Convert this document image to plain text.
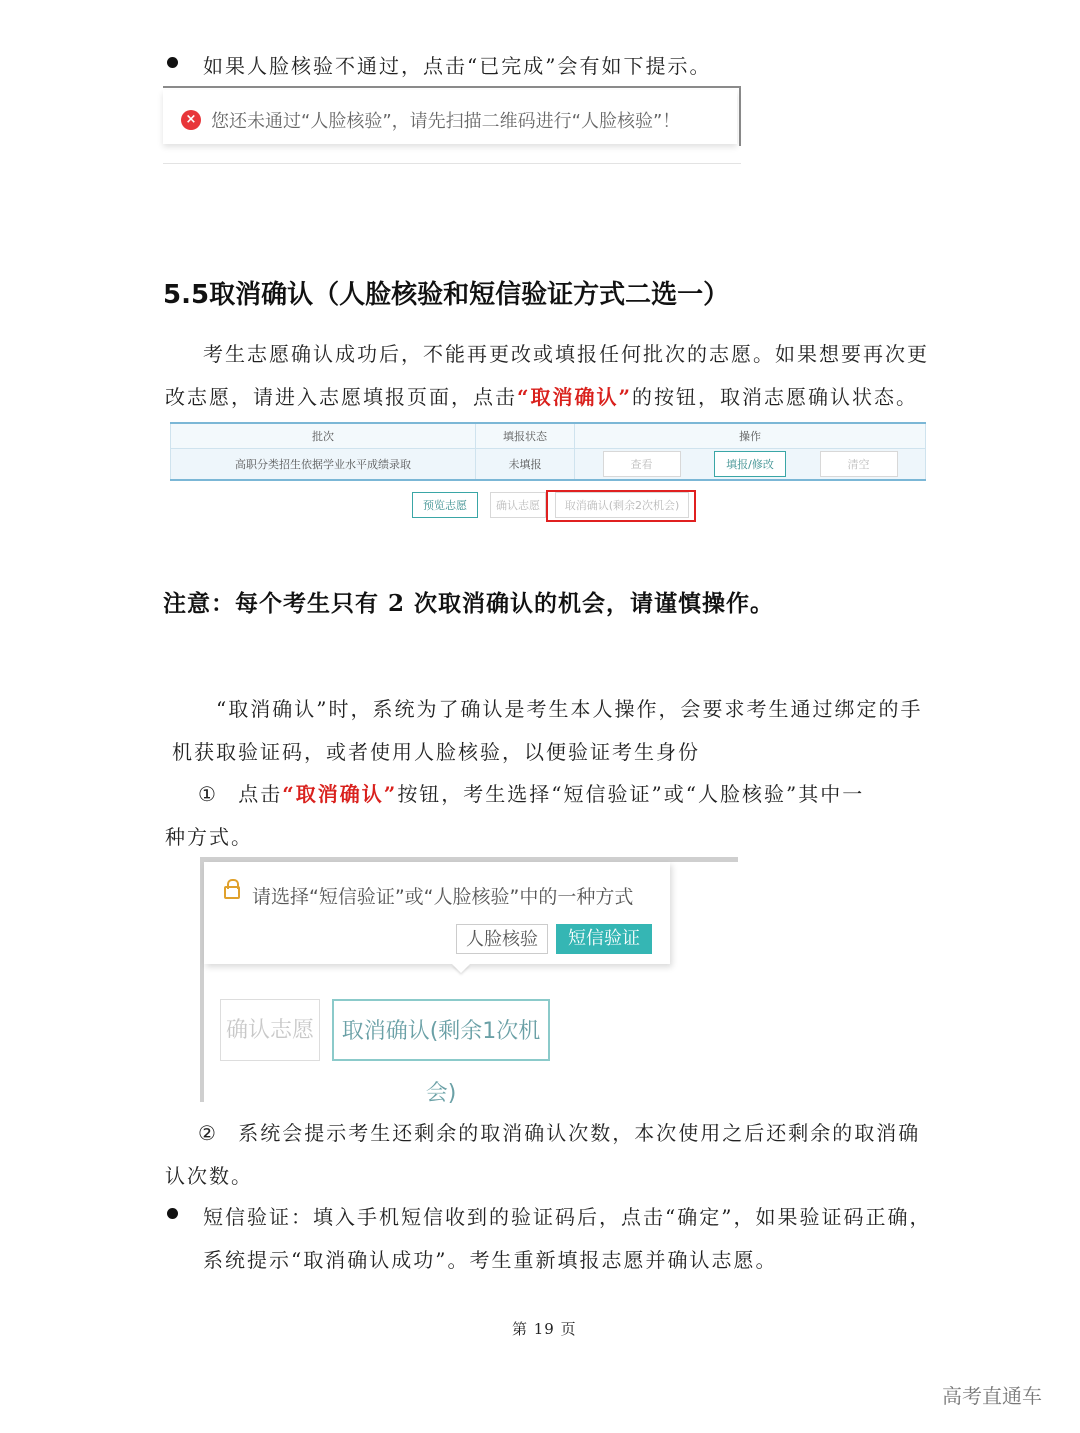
如果人脸核验不通过，点击“已完成”会有如下提示。
× 您还未通过“人脸核验”，请先扫描二维码进行“人脸核验”！
5.5取消确认（人脸核验和短信验证方式二选一）
考生志愿确认成功后，不能再更改或填报任何批次的志愿。如果想要再次更
改志愿，请进入志愿填报页面，点击“取消确认”的按钮，取消志愿确认状态。
批次	填报状态	操作
高职分类招生依据学业水平成绩录取	未填报	查看 填报/修改 清空
预览志愿	确认志愿	取消确认(剩余2次机会)
注意：每个考生只有 2 次取消确认的机会，请谨慎操作。
“取消确认”时，系统为了确认是考生本人操作，会要求考生通过绑定的手
机获取验证码，或者使用人脸核验，以便验证考生身份
① 点击“取消确认”按钮，考生选择“短信验证”或“人脸核验”其中一
种方式。
请选择“短信验证”或“人脸核验”中的一种方式
人脸核验	短信验证
确认志愿	取消确认(剩余1次机会)
② 系统会提示考生还剩余的取消确认次数，本次使用之后还剩余的取消确
认次数。
短信验证：填入手机短信收到的验证码后，点击“确定”，如果验证码正确，
系统提示“取消确认成功”。考生重新填报志愿并确认志愿。
第 19 页
高考直通车
